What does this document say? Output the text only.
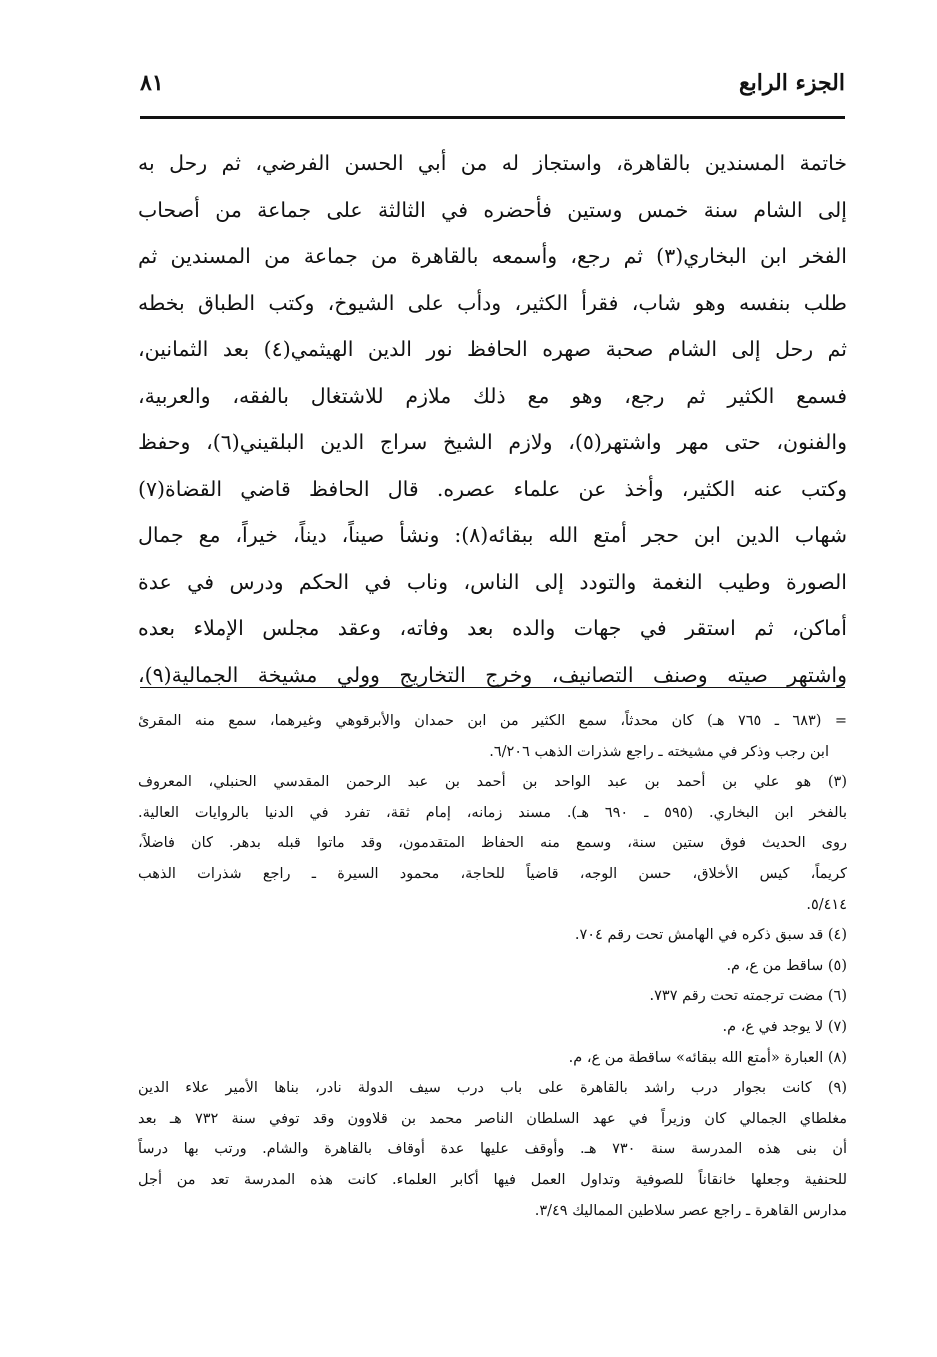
الجزء الرابع
٨١
خاتمة المسندين بالقاهرة، واستجاز له من أبي الحسن الفرضي، ثم رحل به
إلى الشام سنة خمس وستين فأحضره في الثالثة على جماعة من أصحاب
الفخر ابن البخاري(٣) ثم رجع، وأسمعه بالقاهرة من جماعة من المسندين ثم
طلب بنفسه وهو شاب، فقرأ الكثير، ودأب على الشيوخ، وكتب الطباق بخطه
ثم رحل إلى الشام صحبة صهره الحافظ نور الدين الهيثمي(٤) بعد الثمانين،
فسمع الكثير ثم رجع، وهو مع ذلك ملازم للاشتغال بالفقه، والعربية،
والفنون، حتى مهر واشتهر(٥)، ولازم الشيخ سراج الدين البلقيني(٦)، وحفظ
وكتب عنه الكثير، وأخذ عن علماء عصره. قال الحافظ قاضي القضاة(٧)
شهاب الدين ابن حجر أمتع الله ببقائه(٨): ونشأ صيناً، ديناً، خيراً، مع جمال
الصورة وطيب النغمة والتودد إلى الناس، وناب في الحكم ودرس في عدة
أماكن، ثم استقر في جهات والده بعد وفاته، وعقد مجلس الإملاء بعده
واشتهر صيته وصنف التصانيف، وخرج التخاريج وولي مشيخة الجمالية(٩)،
= (٦٨٣ ـ ٧٦٥ هـ) كان محدثاً، سمع الكثير من ابن حمدان والأبرقوهي وغيرهما، سمع منه المقرئ
ابن رجب وذكر في مشيخته ـ راجع شذرات الذهب ٦/٢٠٦.
(٣) هو علي بن أحمد بن عبد الواحد بن أحمد بن عبد الرحمن المقدسي الحنبلي، المعروف
بالفخر ابن البخاري. (٥٩٥ ـ ٦٩٠ هـ). مسند زمانه، إمام ثقة، تفرد في الدنيا بالروايات العالية.
روى الحديث فوق ستين سنة، وسمع منه الحفاظ المتقدمون، وقد ماتوا قبله بدهر. كان فاضلاً،
كريماً، كيس الأخلاق، حسن الوجه، قاضياً للحاجة، محمود السيرة ـ راجع شذرات الذهب
٥/٤١٤.
(٤) قد سبق ذكره في الهامش تحت رقم ٧٠٤.
(٥) ساقط من ع، م.
(٦) مضت ترجمته تحت رقم ٧٣٧.
(٧) لا يوجد في ع، م.
(٨) العبارة «أمتع الله ببقائه» ساقطة من ع، م.
(٩) كانت بجوار درب راشد بالقاهرة على باب درب سيف الدولة نادر، بناها الأمير علاء الدين
مغلطاي الجمالي كان وزيراً في عهد السلطان الناصر محمد بن قلاوون وقد توفي سنة ٧٣٢ هـ بعد
أن بنى هذه المدرسة سنة ٧٣٠ هـ. وأوقف عليها عدة أوقاف بالقاهرة والشام. ورتب بها درساً
للحنفية وجعلها خانقاناً للصوفية وتداول العمل فيها أكابر العلماء. كانت هذه المدرسة تعد من أجل
مدارس القاهرة ـ راجع عصر سلاطين المماليك ٣/٤٩.
